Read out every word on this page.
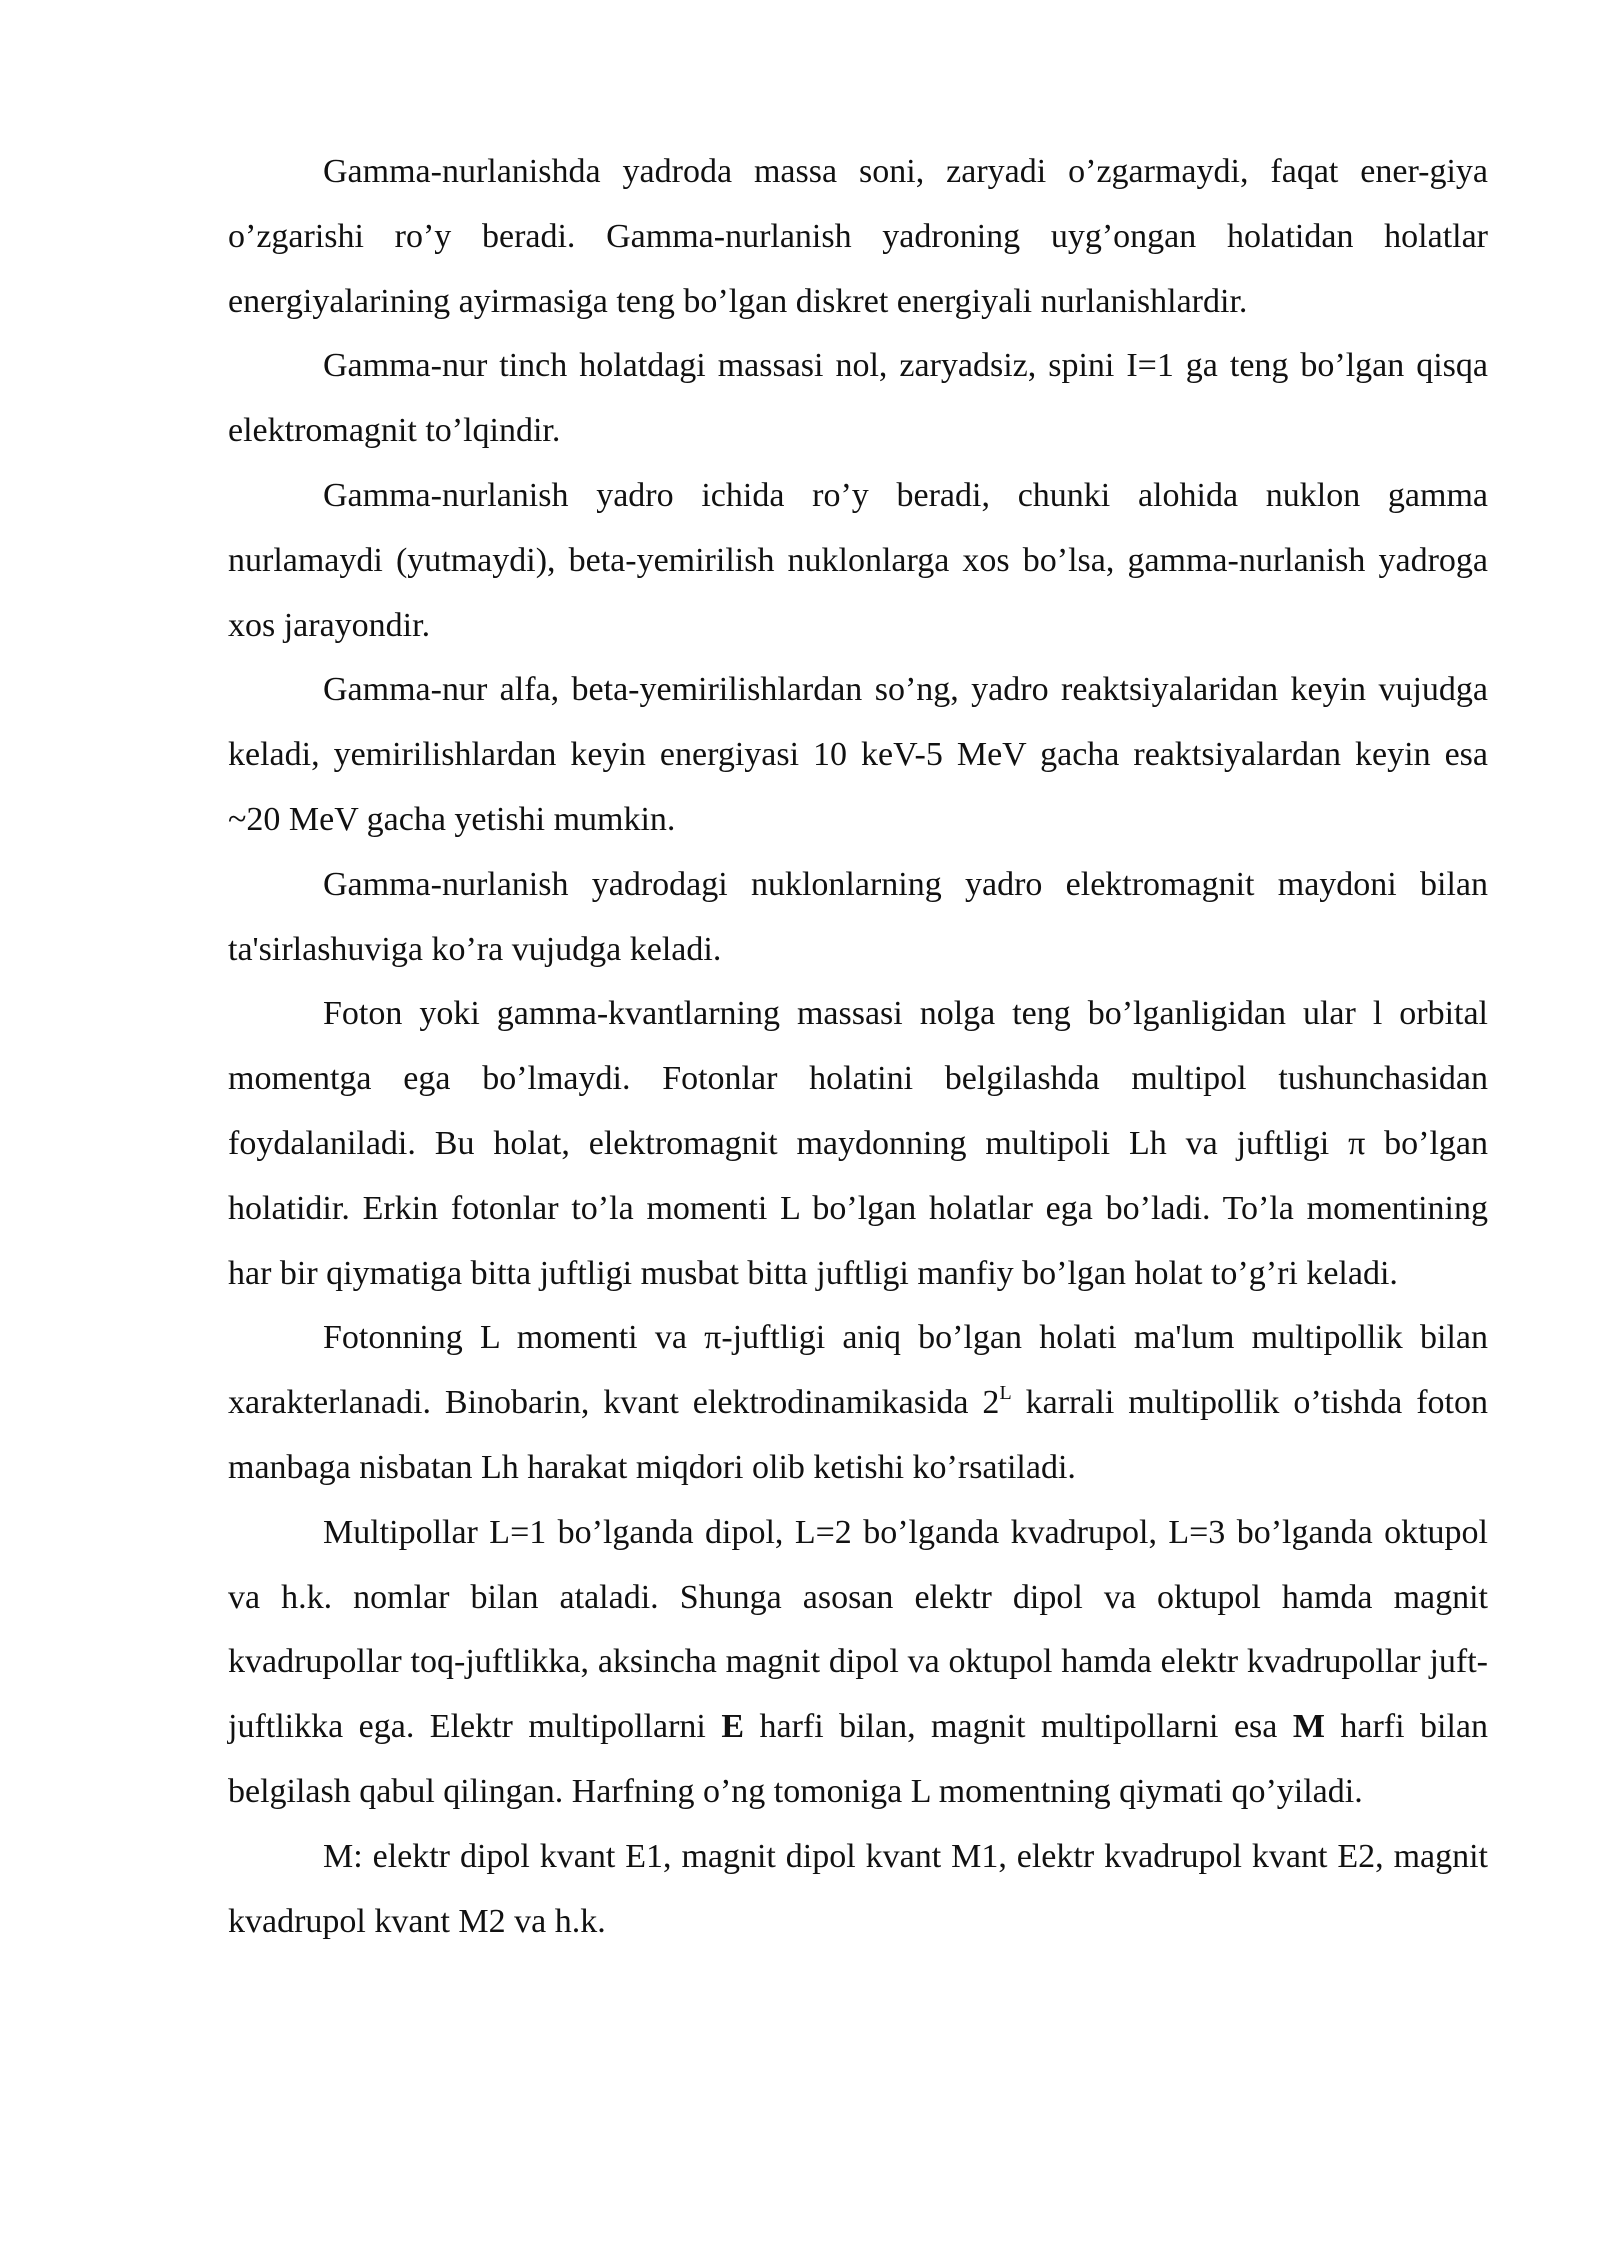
Gamma-nurlanishda yadroda massa soni, zaryadi o’zgarmaydi, faqat ener-giya o’zgarishi ro’y beradi. Gamma-nurlanish yadroning uyg’ongan holatidan holatlar energiyalarining ayirmasiga teng bo’lgan diskret energiyali nurlanishlardir.

Gamma-nur tinch holatdagi massasi nol, zaryadsiz, spini I=1 ga teng bo’lgan qisqa elektromagnit to’lqindir.

Gamma-nurlanish yadro ichida ro’y beradi, chunki alohida nuklon gamma nurlamaydi (yutmaydi), beta-yemirilish nuklonlarga xos bo’lsa, gamma-nurlanish yadroga xos jarayondir.

Gamma-nur alfa, beta-yemirilishlardan so’ng, yadro reaktsiyalaridan keyin vujudga keladi, yemirilishlardan keyin energiyasi 10 keV-5 MeV gacha reaktsiyalardan keyin esa ~20 MeV gacha yetishi mumkin.

Gamma-nurlanish yadrodagi nuklonlarning yadro elektromagnit maydoni bilan ta'sirlashuviga ko’ra vujudga keladi.

Foton yoki gamma-kvantlarning massasi nolga teng bo’lganligidan ular l orbital momentga ega bo’lmaydi. Fotonlar holatini belgilashda multipol tushunchasidan foydalaniladi. Bu holat, elektromagnit maydonning multipoli Lh va juftligi π bo’lgan holatidir. Erkin fotonlar to’la momenti L bo’lgan holatlar ega bo’ladi. To’la momentining har bir qiymatiga bitta juftligi musbat bitta juftligi manfiy bo’lgan holat to’g’ri keladi.

Fotonning L momenti va π-juftligi aniq bo’lgan holati ma'lum multipollik bilan xarakterlanadi. Binobarin, kvant elektrodinamikasida $2^L$ karrali multipollik o’tishda foton manbaga nisbatan Lh harakat miqdori olib ketishi ko’rsatiladi.

Multipollar L=1 bo’lganda dipol, L=2 bo’lganda kvadrupol, L=3 bo’lganda oktupol va h.k. nomlar bilan ataladi. Shunga asosan elektr dipol va oktupol hamda magnit kvadrupollar toq-juftlikka, aksincha magnit dipol va oktupol hamda elektr kvadrupollar juft-juftlikka ega. Elektr multipollarni E harfi bilan, magnit multipollarni esa M harfi bilan belgilash qabul qilingan. Harfning o’ng tomoniga L momentning qiymati qo’yiladi.

M: elektr dipol kvant E1, magnit dipol kvant M1, elektr kvadrupol kvant E2, magnit kvadrupol kvant M2 va h.k.
